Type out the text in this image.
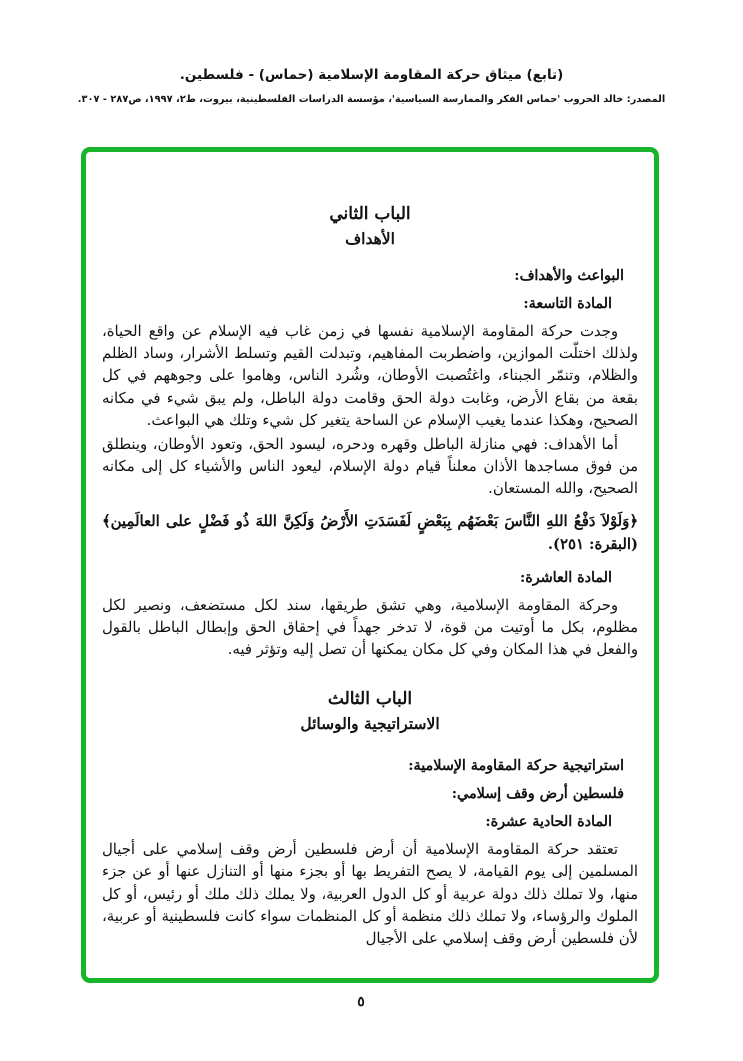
(تابع) ميثاق حركة المقاومة الإسلامية (حماس) - فلسطين.
المصدر: خالد الحروب 'حماس الفكر والممارسة السياسية'، مؤسسة الدراسات الفلسطينية، بيروت، ط٢، ١٩٩٧، ص٢٨٧ - ٣٠٧.
الباب الثاني
الأهداف
البواعث والأهداف:
المادة التاسعة:

وجدت حركة المقاومة الإسلامية نفسها في زمن غاب فيه الإسلام عن واقع الحياة، ولذلك اختلّت الموازين، واضطربت المفاهيم، وتبدلت القيم وتسلط الأشرار، وساد الظلم والظلام، وتنمّر الجبناء، واغتُصبت الأوطان، وشُرد الناس، وهاموا على وجوههم في كل بقعة من بقاع الأرض، وغابت دولة الحق وقامت دولة الباطل، ولم يبق شيء في مكانه الصحيح، وهكذا عندما يغيب الإسلام عن الساحة يتغير كل شيء وتلك هي البواعث.

أما الأهداف: فهي منازلة الباطل وقهره ودحره، ليسود الحق، وتعود الأوطان، وينطلق من فوق مساجدها الأذان معلناً قيام دولة الإسلام، ليعود الناس والأشياء كل إلى مكانه الصحيح، والله المستعان.

﴿وَلَوْلاَ دَفْعُ اللهِ النَّاسَ بَعْضَهُم بِبَعْضٍ لَفَسَدَتِ الأَرْضُ وَلَكِنَّ اللهَ ذُو فَضْلٍ على العالَمِين﴾ (البقرة: ٢٥١).

المادة العاشرة:

وحركة المقاومة الإسلامية، وهي تشق طريقها، سند لكل مستضعف، ونصير لكل مظلوم، بكل ما أوتيت من قوة، لا تدخر جهداً في إحقاق الحق وإبطال الباطل بالقول والفعل في هذا المكان وفي كل مكان يمكنها أن تصل إليه وتؤثر فيه.

الباب الثالث
الاستراتيجية والوسائل
استراتيجية حركة المقاومة الإسلامية:
فلسطين أرض وقف إسلامي:
المادة الحادية عشرة:

تعتقد حركة المقاومة الإسلامية أن أرض فلسطين أرض وقف إسلامي على أجيال المسلمين إلى يوم القيامة، لا يصح التفريط بها أو بجزء منها أو التنازل عنها أو عن جزء منها، ولا تملك ذلك دولة عربية أو كل الدول العربية، ولا يملك ذلك ملك أو رئيس، أو كل الملوك والرؤساء، ولا تملك ذلك منظمة أو كل المنظمات سواء كانت فلسطينية أو عربية، لأن فلسطين أرض وقف إسلامي على الأجيال

٥
